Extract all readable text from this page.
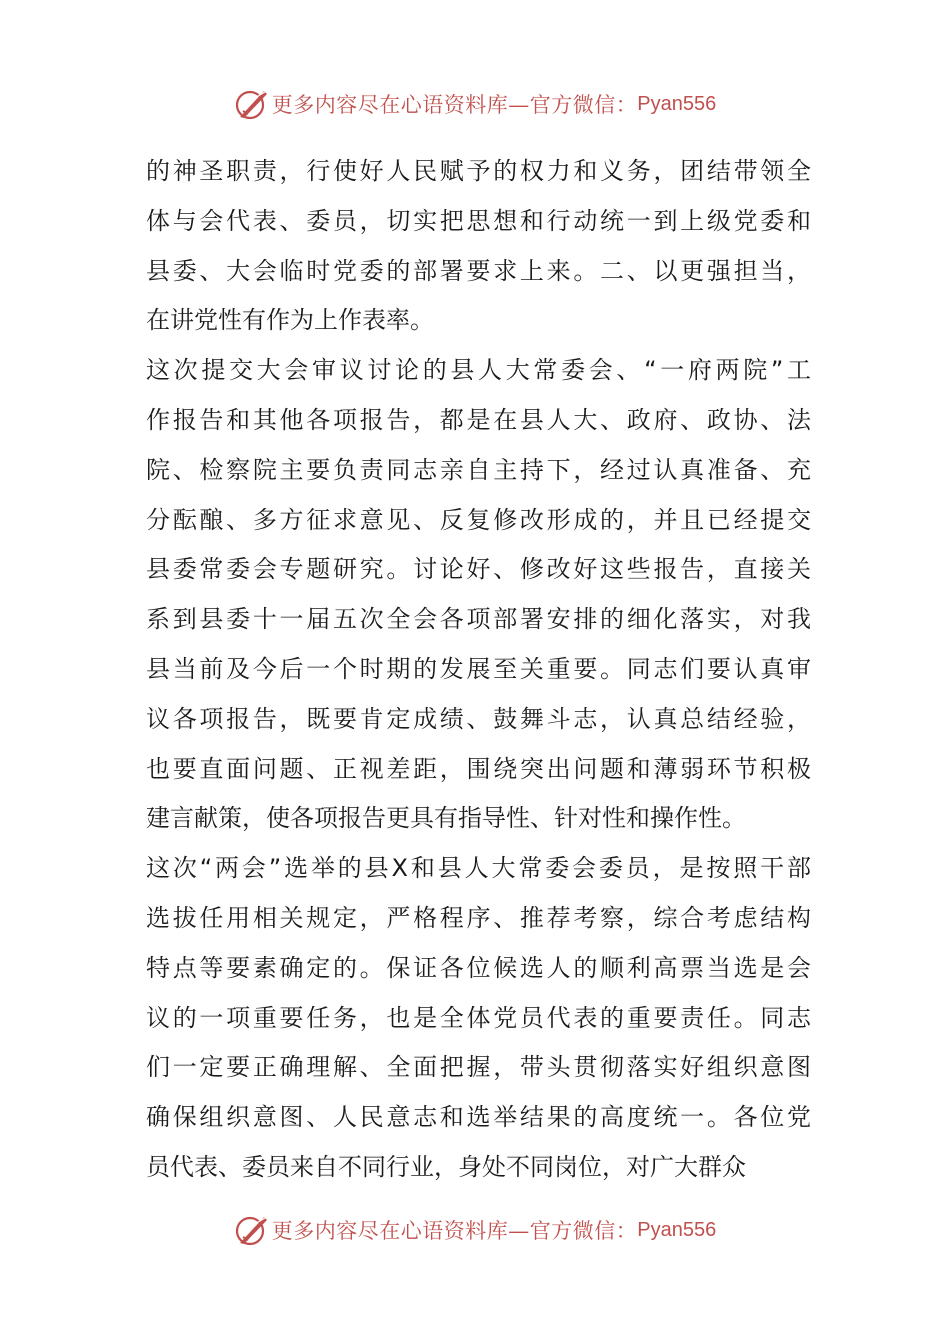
更多内容尽在心语资料库—官方微信： Pyan556
的神圣职责，行使好人民赋予的权力和义务，团结带领全
体与会代表、委员，切实把思想和行动统一到上级党委和
县委、大会临时党委的部署要求上来。二、以更强担当，
在讲党性有作为上作表率。
这次提交大会审议讨论的县人大常委会、“一府两院”工
作报告和其他各项报告，都是在县人大、政府、政协、法
院、检察院主要负责同志亲自主持下，经过认真准备、充
分酝酿、多方征求意见、反复修改形成的，并且已经提交
县委常委会专题研究。讨论好、修改好这些报告，直接关
系到县委十一届五次全会各项部署安排的细化落实，对我
县当前及今后一个时期的发展至关重要。同志们要认真审
议各项报告，既要肯定成绩、鼓舞斗志，认真总结经验，
也要直面问题、正视差距，围绕突出问题和薄弱环节积极
建言献策，使各项报告更具有指导性、针对性和操作性。
这次“两会”选举的县X和县人大常委会委员，是按照干部
选拔任用相关规定，严格程序、推荐考察，综合考虑结构
特点等要素确定的。保证各位候选人的顺利高票当选是会
议的一项重要任务，也是全体党员代表的重要责任。同志
们一定要正确理解、全面把握，带头贯彻落实好组织意图
确保组织意图、人民意志和选举结果的高度统一。各位党
员代表、委员来自不同行业，身处不同岗位，对广大群众
更多内容尽在心语资料库—官方微信： Pyan556
